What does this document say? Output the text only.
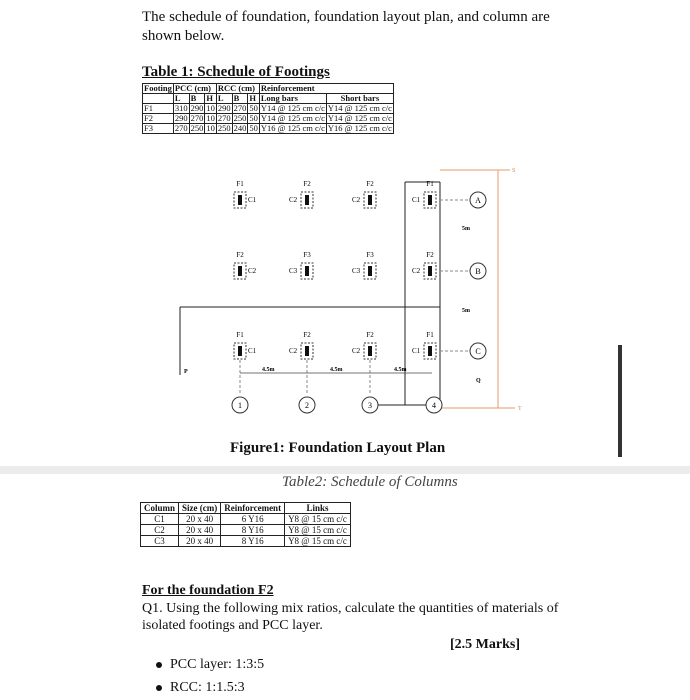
The schedule of foundation, foundation layout plan, and column are shown below.
Table 1: Schedule of Footings
Footing	PCC (cm)			RCC (cm)			Reinforcement	
	L	B	H	L	B	H	Long bars	Short bars
F1	310	290	10	290	270	50	Y14 @ 125 cm c/c	Y14 @ 125 cm c/c
F2	290	270	10	270	250	50	Y14 @ 125 cm c/c	Y14 @ 125 cm c/c
F3	270	250	10	250	240	50	Y16 @ 125 cm c/c	Y16 @ 125 cm c/c
F1
C1
F2
C2
F2
C2
F1
C1
F2
C2
F3
C3
F3
C3
F2
C2
F1
C1
F2
C2
F2
C2
F1
C1
A
B
C
1	2	3	4
5m
5m
4.5m	4.5m	4.5m
S
P
Q
T
Figure1: Foundation Layout Plan
Table2: Schedule of Columns
Column	Size (cm)	Reinforcement	Links
C1	20 x 40	6 Y16	Y8 @ 15 cm c/c
C2	20 x 40	8 Y16	Y8 @ 15 cm c/c
C3	20 x 40	8 Y16	Y8 @ 15 cm c/c
For the foundation F2
Q1. Using the following mix ratios, calculate the quantities of materials of isolated footings and PCC layer.
[2.5 Marks]
PCC layer: 1:3:5
RCC: 1:1.5:3
